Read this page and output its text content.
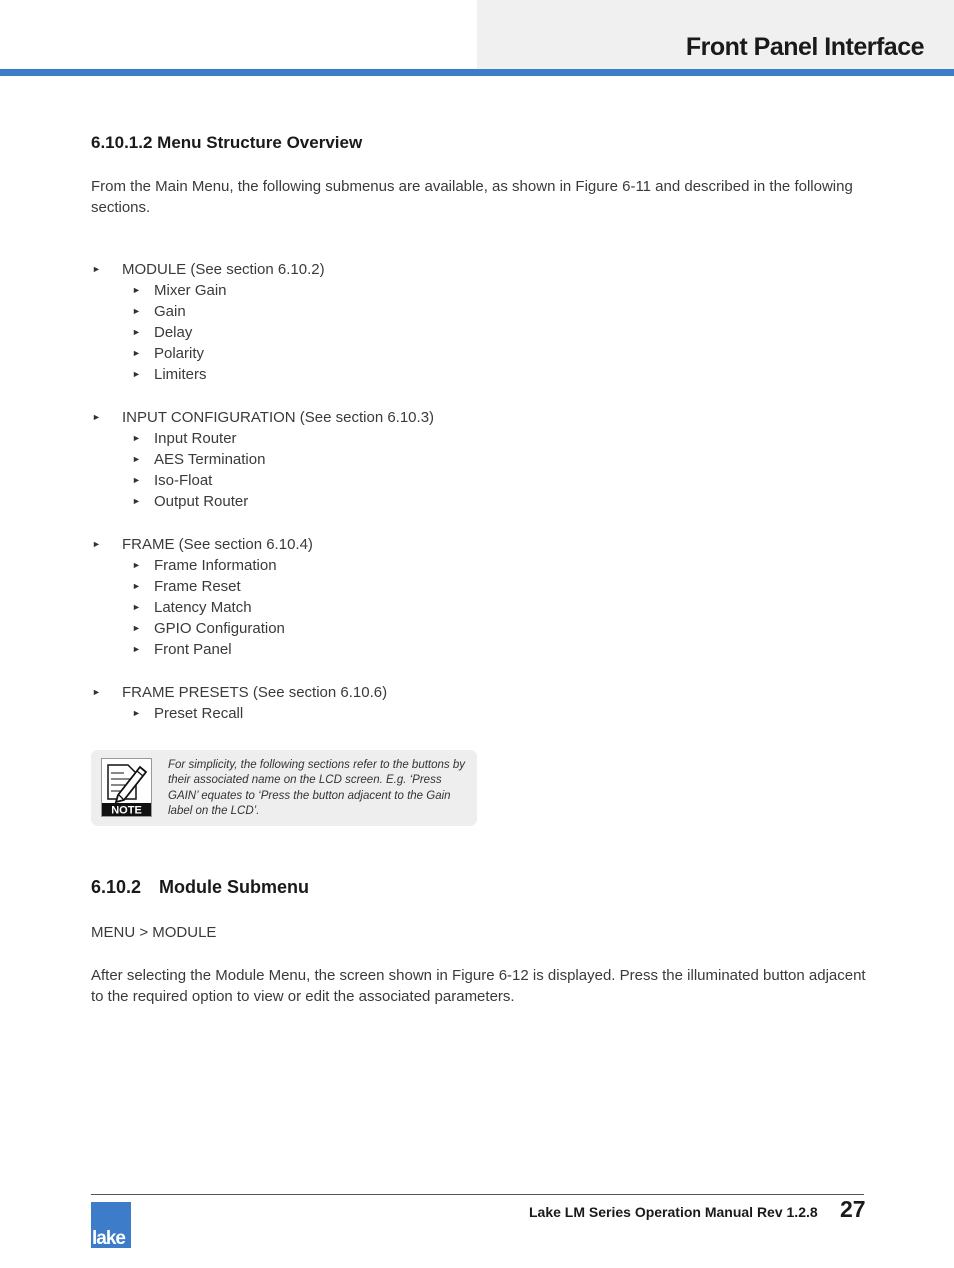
Front Panel Interface
6.10.1.2 Menu Structure Overview
From the Main Menu, the following submenus are available, as shown in Figure 6-11 and described in the following sections.
► MODULE (See section 6.10.2)
► Mixer Gain
► Gain
► Delay
► Polarity
► Limiters
► INPUT CONFIGURATION (See section 6.10.3)
► Input Router
► AES Termination
► Iso-Float
► Output Router
► FRAME (See section 6.10.4)
► Frame Information
► Frame Reset
► Latency Match
► GPIO Configuration
► Front Panel
► FRAME PRESETS (See section 6.10.6)
► Preset Recall
NOTE
For simplicity, the following sections refer to the buttons by their associated name on the LCD screen. E.g. ‘Press GAIN’ equates to ‘Press the button adjacent to the Gain label on the LCD’.
6.10.2 Module Submenu
MENU > MODULE
After selecting the Module Menu, the screen shown in Figure 6-12 is displayed. Press the illuminated button adjacent to the required option to view or edit the associated parameters.
lake
Lake LM Series Operation Manual Rev 1.2.8 27
